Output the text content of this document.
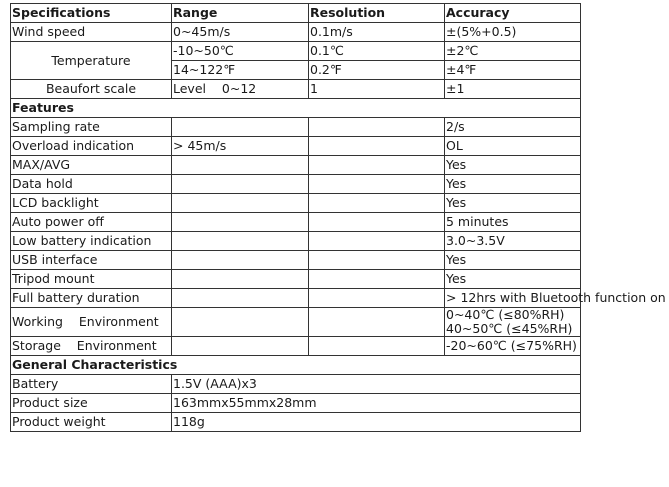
Specifications	Range	Resolution	Accuracy
Wind speed	0~45m/s	0.1m/s	±(5%+0.5)
Temperature	-10~50℃	0.1℃	±2℃
	14~122℉	0.2℉	±4℉
Beaufort scale	Level    0~12	1	±1
Features			
Sampling rate			2/s
Overload indication	> 45m/s		OL
MAX/AVG			Yes
Data hold			Yes
LCD backlight			Yes
Auto power off			5 minutes
Low battery indication			3.0~3.5V
USB interface			Yes
Tripod mount			Yes
Full battery duration			> 12hrs with Bluetooth function on
Working    Environment			0~40℃ (≤80%RH)
40~50℃ (≤45%RH)

Storage    Environment			-20~60℃ (≤75%RH)
General Characteristics			
Battery	1.5V (AAA)x3		
Product size	163mmx55mmx28mm		
Product weight	118g		
